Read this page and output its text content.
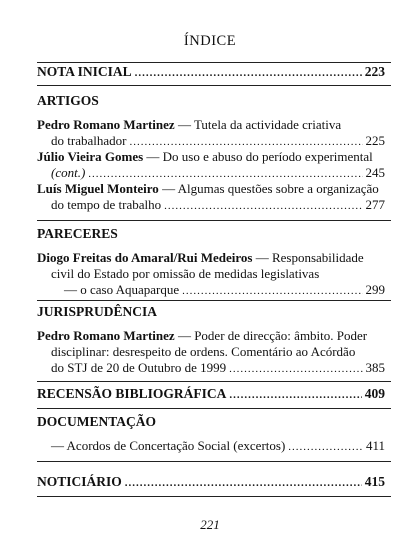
ÍNDICE
NOTA INICIAL .....	223
ARTIGOS
Pedro Romano Martinez — Tutela da actividade criativa
do trabalhador .....	225
Júlio Vieira Gomes — Do uso e abuso do período experimental
(cont.) .....	245
Luís Miguel Monteiro — Algumas questões sobre a organização
do tempo de trabalho .....	277
PARECERES
Diogo Freitas do Amaral/Rui Medeiros — Responsabilidade
civil do Estado por omissão de medidas legislativas
— o caso Aquaparque .....	299
JURISPRUDÊNCIA
Pedro Romano Martinez — Poder de direcção: âmbito. Poder
disciplinar: desrespeito de ordens. Comentário ao Acórdão
do STJ de 20 de Outubro de 1999 .....	385
RECENSÃO BIBLIOGRÁFICA .....	409
DOCUMENTAÇÃO
— Acordos de Concertação Social (excertos) .....	411
NOTICIÁRIO .....	415
221
